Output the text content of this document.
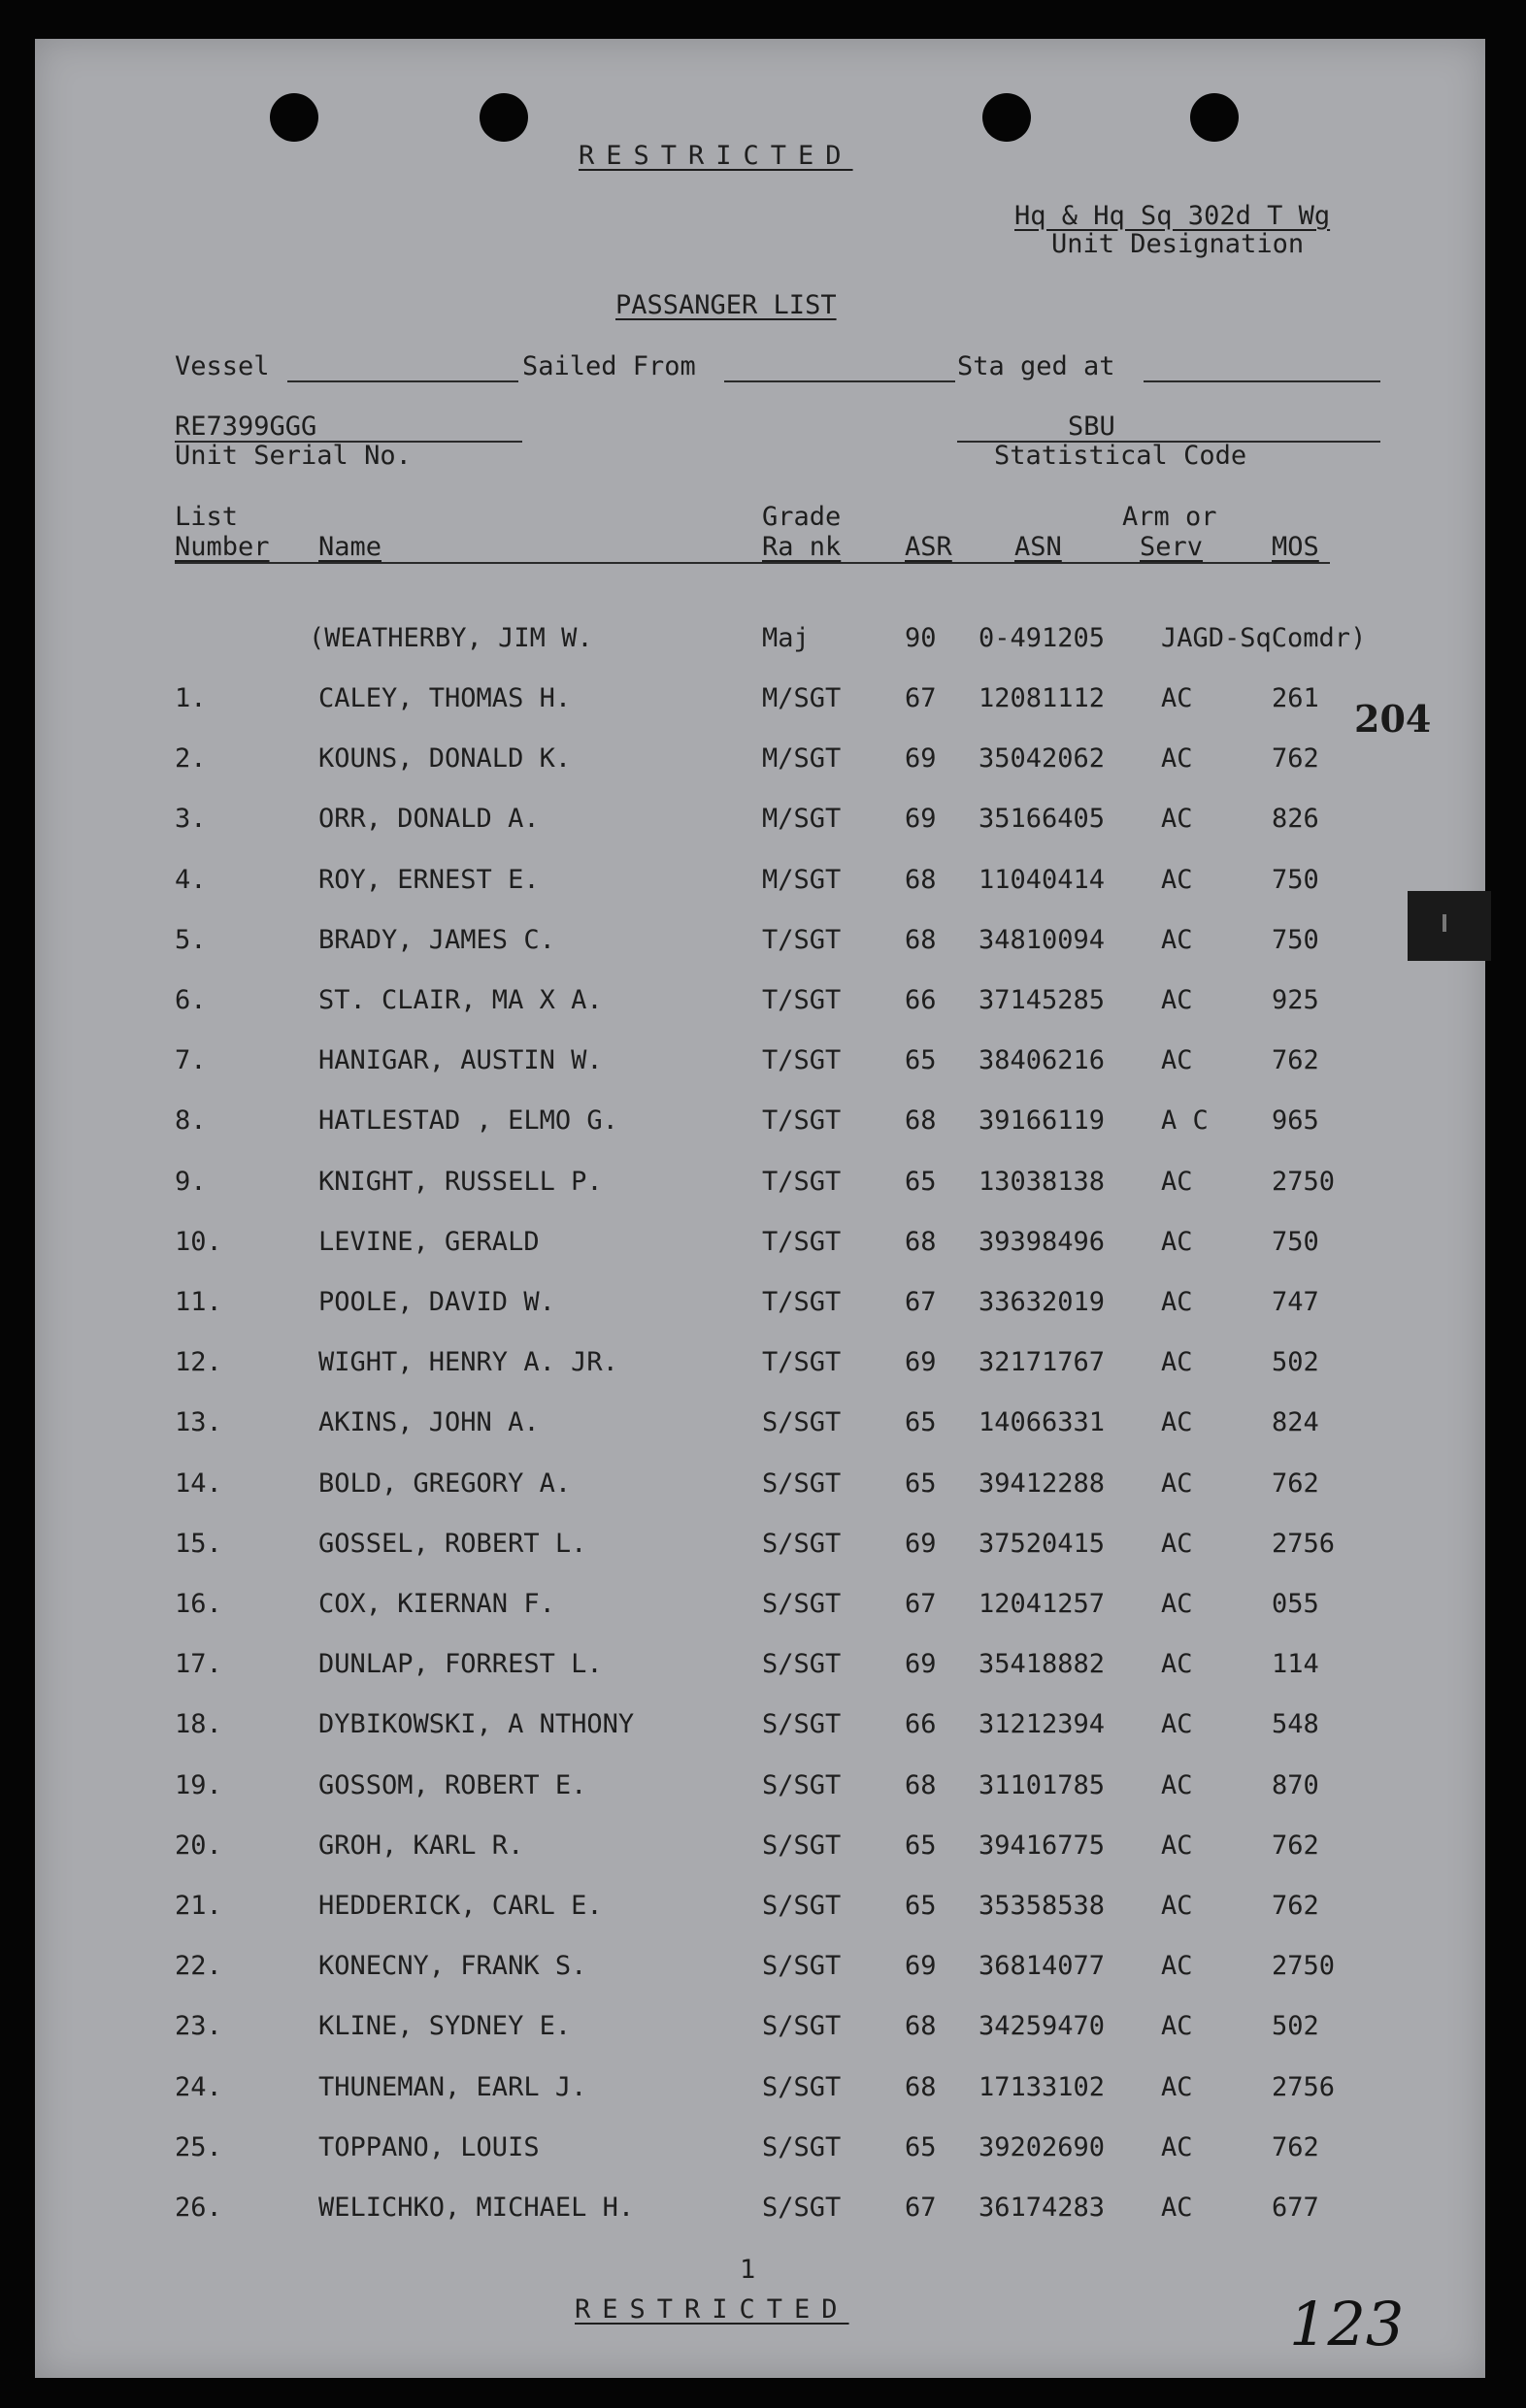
RESTRICTED
Hq & Hq Sq 302d T Wg
Unit Designation
PASSANGER LIST
Vessel	Sailed From	Sta ged at
RE7399GGG
Unit Serial No.
SBU
Statistical Code
List
Number Name
Grade
Ra nk ASR ASN
Arm or
Serv	MOS
(WEATHERBY, JIM W.	Maj	90 0-491205 JAGD-SqComdr)
1.	CALEY, THOMAS H.	M/SGT 67 12081112 AC	261
2.	KOUNS, DONALD K.	M/SGT 69 35042062 AC	762
3.	ORR, DONALD A.	M/SGT 69 35166405 AC	826
4.	ROY, ERNEST E.	M/SGT 68 11040414 AC	750
5.	BRADY, JAMES C.	T/SGT 68 34810094 AC	750
6.	ST. CLAIR, MA X A.	T/SGT 66 37145285 AC	925
7.	HANIGAR, AUSTIN W.	T/SGT 65 38406216 AC	762
8.	HATLESTAD , ELMO G.	T/SGT 68 39166119 A C 965
9.	KNIGHT, RUSSELL P.	T/SGT 65 13038138 AC	2750
10.	LEVINE, GERALD	T/SGT 68 39398496 AC	750
11.	POOLE, DAVID W.	T/SGT 67 33632019 AC	747
12.	WIGHT, HENRY A. JR.	T/SGT 69 32171767 AC	502
13.	AKINS, JOHN A.	S/SGT 65 14066331 AC	824
14.	BOLD, GREGORY A.	S/SGT 65 39412288 AC	762
15.	GOSSEL, ROBERT L.	S/SGT 69 37520415 AC	2756
16.	COX, KIERNAN F.	S/SGT 67 12041257 AC	055
17.	DUNLAP, FORREST L.	S/SGT 69 35418882 AC	114
18.	DYBIKOWSKI, A NTHONY	S/SGT 66 31212394 AC	548
19.	GOSSOM, ROBERT E.	S/SGT 68 31101785 AC	870
20.	GROH, KARL R.	S/SGT 65 39416775 AC	762
21.	HEDDERICK, CARL E.	S/SGT 65 35358538 AC	762
22.	KONECNY, FRANK S.	S/SGT 69 36814077 AC	2750
23.	KLINE, SYDNEY E.	S/SGT 68 34259470 AC	502
24.	THUNEMAN, EARL J.	S/SGT 68 17133102 AC	2756
25.	TOPPANO, LOUIS	S/SGT 65 39202690 AC	762
26.	WELICHKO, MICHAEL H.	S/SGT 67 36174283 AC	677
204
123
1
RESTRICTED
